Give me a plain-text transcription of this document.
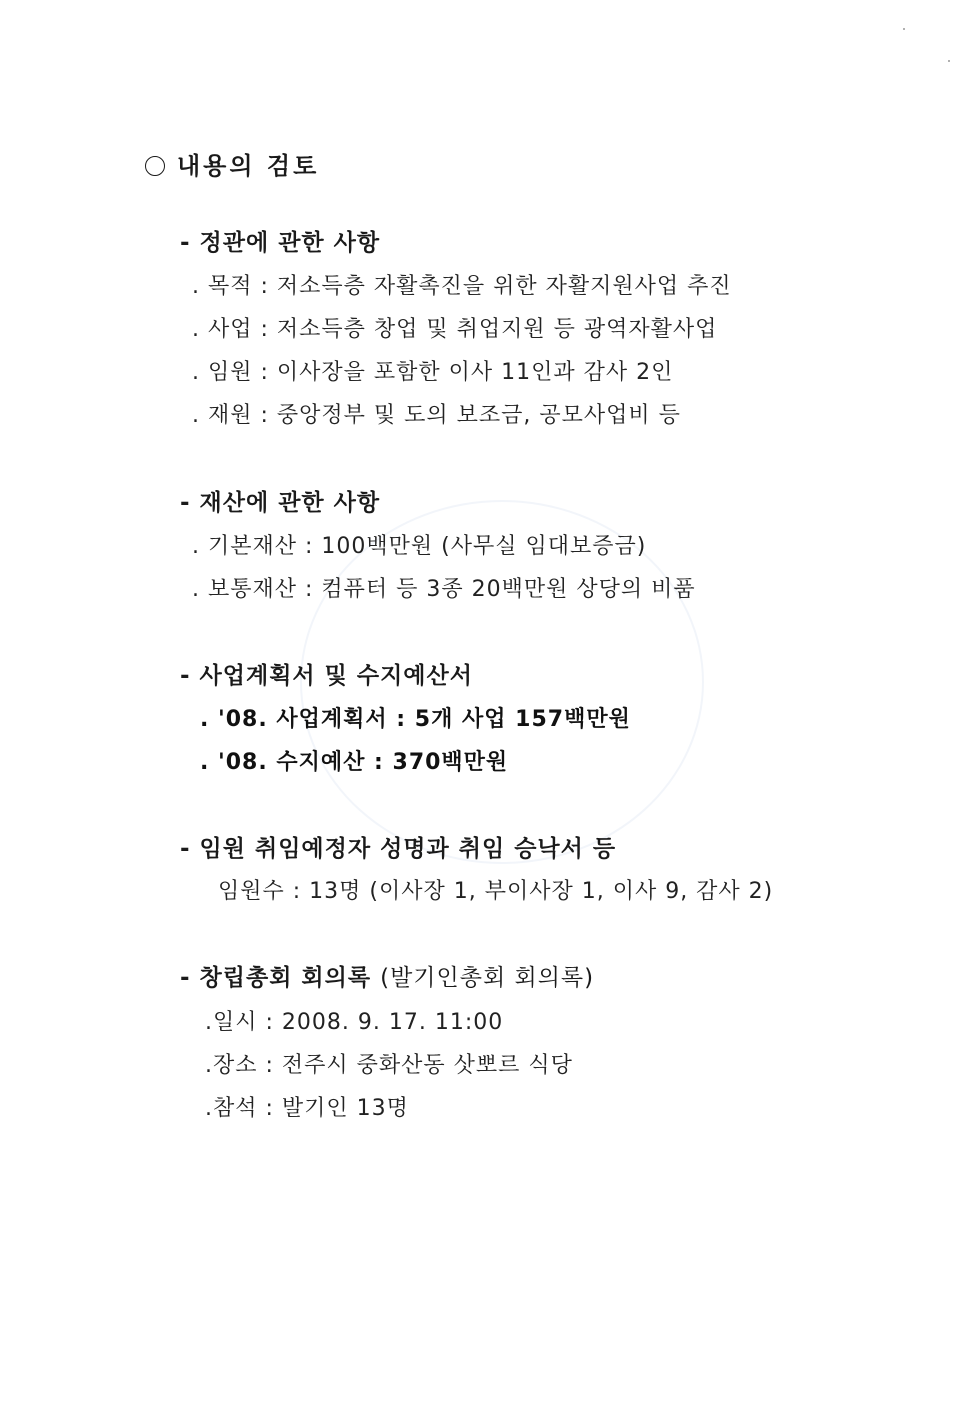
내용의 검토
- 정관에 관한 사항
. 목적 : 저소득층 자활촉진을 위한 자활지원사업 추진
. 사업 : 저소득층 창업 및 취업지원 등 광역자활사업
. 임원 : 이사장을 포함한 이사 11인과 감사 2인
. 재원 : 중앙정부 및 도의 보조금, 공모사업비 등
- 재산에 관한 사항
. 기본재산 : 100백만원 (사무실 임대보증금)
. 보통재산 : 컴퓨터 등 3종 20백만원 상당의 비품
- 사업계획서 및 수지예산서
. '08. 사업계획서 : 5개 사업 157백만원
. '08. 수지예산 : 370백만원
- 임원 취임예정자 성명과 취임 승낙서 등
임원수 : 13명 (이사장 1, 부이사장 1, 이사 9, 감사 2)
- 창립총회 회의록 (발기인총회 회의록)
.일시 : 2008. 9. 17. 11:00
.장소 : 전주시 중화산동 삿뽀르 식당
.참석 : 발기인 13명
